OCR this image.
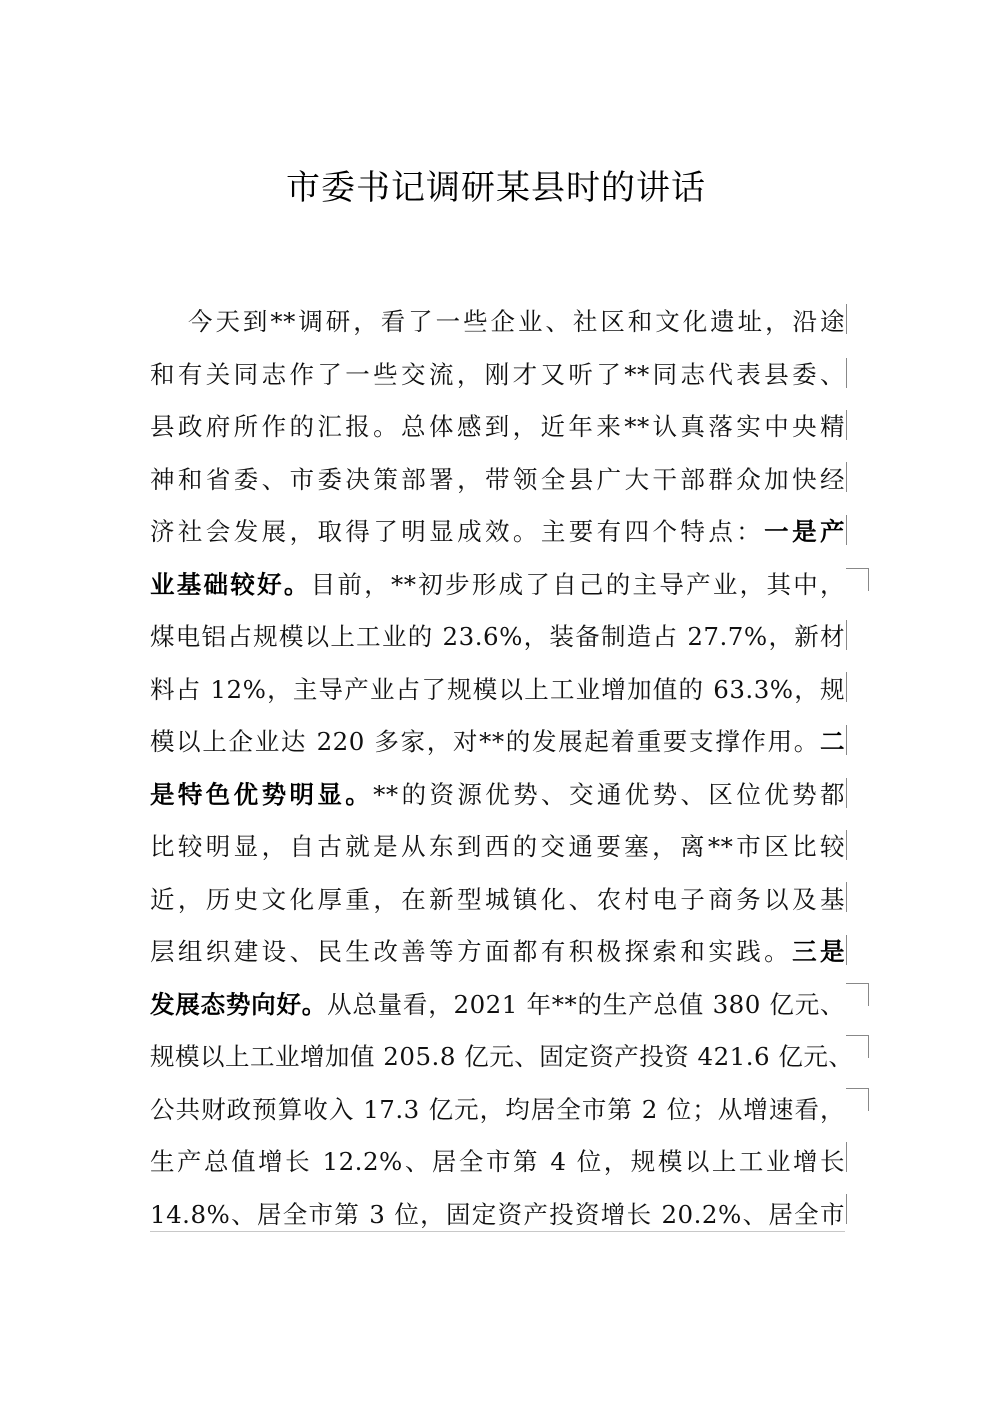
市委书记调研某县时的讲话
今天到**调研，看了一些企业、社区和文化遗址，沿途
和有关同志作了一些交流，刚才又听了**同志代表县委、
县政府所作的汇报。总体感到，近年来**认真落实中央精
神和省委、市委决策部署，带领全县广大干部群众加快经
济社会发展，取得了明显成效。主要有四个特点：一是产
业基础较好。目前，**初步形成了自己的主导产业，其中，
煤电铝占规模以上工业的 23.6%，装备制造占 27.7%，新材
料占 12%，主导产业占了规模以上工业增加值的 63.3%，规
模以上企业达 220 多家，对**的发展起着重要支撑作用。二
是特色优势明显。**的资源优势、交通优势、区位优势都
比较明显，自古就是从东到西的交通要塞，离**市区比较
近，历史文化厚重，在新型城镇化、农村电子商务以及基
层组织建设、民生改善等方面都有积极探索和实践。三是
发展态势向好。从总量看，2021 年**的生产总值 380 亿元、
规模以上工业增加值 205.8 亿元、固定资产投资 421.6 亿元、
公共财政预算收入 17.3 亿元，均居全市第 2 位；从增速看，
生产总值增长 12.2%、居全市第 4 位，规模以上工业增长
14.8%、居全市第 3 位，固定资产投资增长 20.2%、居全市
